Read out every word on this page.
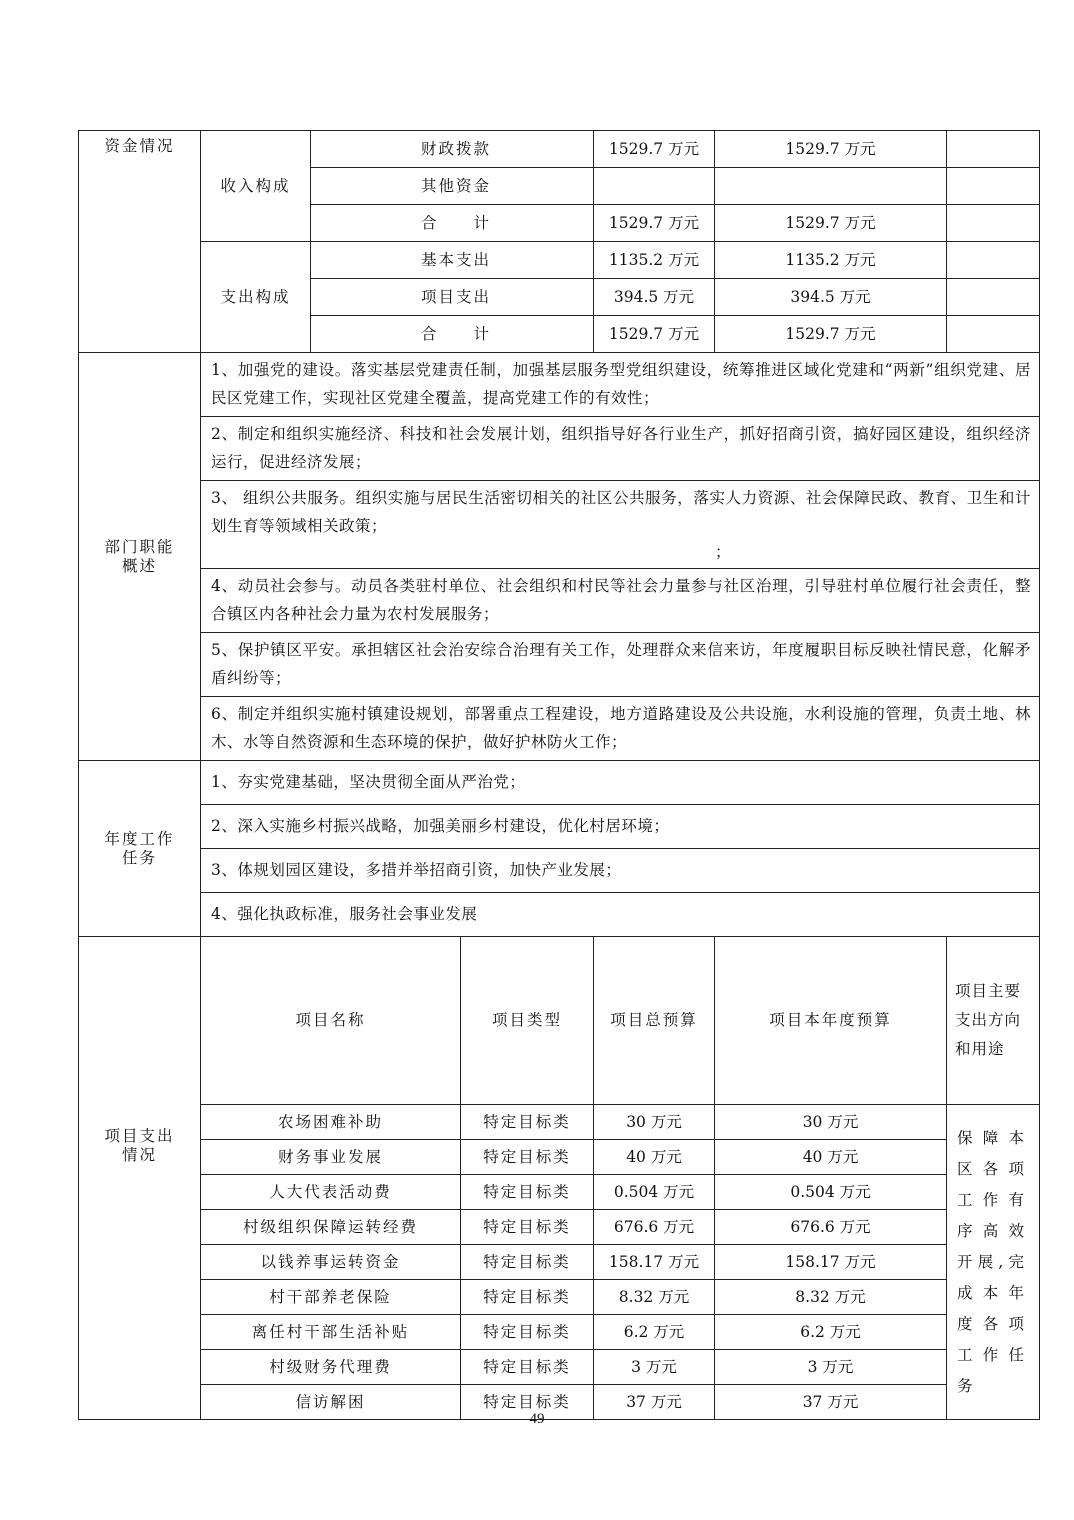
资金情况	收入构成	财政拨款		1529.7 万元	1529.7 万元	
		其他资金				
		合　　计		1529.7 万元	1529.7 万元	
	支出构成	基本支出		1135.2 万元	1135.2 万元	
		项目支出		394.5 万元	394.5 万元	
		合　　计		1529.7 万元	1529.7 万元	
部门职能
概述	1、加强党的建设。落实基层党建责任制，加强基层服务型党组织建设，统筹推进区域化党建和“两新”组织党建、居民区党建工作，实现社区党建全覆盖，提高党建工作的有效性；					
	2、制定和组织实施经济、科技和社会发展计划，组织指导好各行业生产，抓好招商引资，搞好园区建设，组织经济运行，促进经济发展；					
	3、 组织公共服务。组织实施与居民生活密切相关的社区公共服务，落实人力资源、社会保障民政、教育、卫生和计划生育等领域相关政策；
；					

	4、动员社会参与。动员各类驻村单位、社会组织和村民等社会力量参与社区治理，引导驻村单位履行社会责任，整合镇区内各种社会力量为农村发展服务；					
	5、保护镇区平安。承担辖区社会治安综合治理有关工作，处理群众来信来访，年度履职目标反映社情民意，化解矛盾纠纷等；					
	6、制定并组织实施村镇建设规划，部署重点工程建设，地方道路建设及公共设施，水利设施的管理，负责土地、林木、水等自然资源和生态环境的保护，做好护林防火工作；					
年度工作
任务	1、夯实党建基础，坚决贯彻全面从严治党；					
	2、深入实施乡村振兴战略，加强美丽乡村建设，优化村居环境；					
	3、体规划园区建设，多措并举招商引资，加快产业发展；					
	4、强化执政标准，服务社会事业发展					
项目支出
情况	项目名称		项目类型	项目总预算	项目本年度预算	项目主要支出方向和用途
	农场困难补助		特定目标类	30 万元	30 万元	保障本区各项工作有序高效开展,完成本年度各项工作任务
	财务事业发展		特定目标类	40 万元	40 万元	
	人大代表活动费		特定目标类	0.504 万元	0.504 万元	
	村级组织保障运转经费		特定目标类	676.6 万元	676.6 万元	
	以钱养事运转资金		特定目标类	158.17 万元	158.17 万元	
	村干部养老保险		特定目标类	8.32 万元	8.32 万元	
	离任村干部生活补贴		特定目标类	6.2 万元	6.2 万元	
	村级财务代理费		特定目标类	3 万元	3 万元	
	信访解困		特定目标类	37 万元	37 万元	
49
